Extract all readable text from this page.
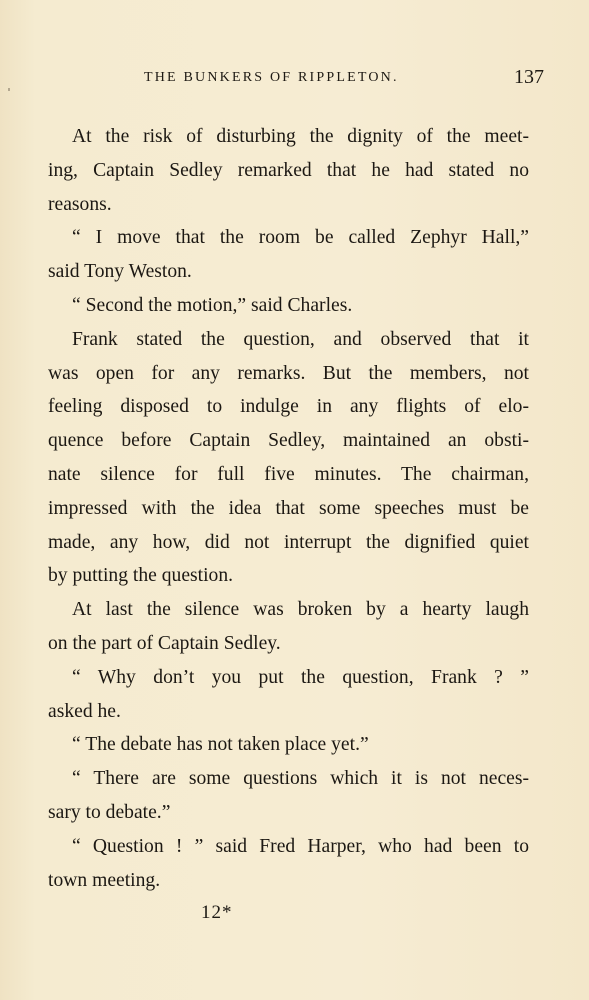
THE BUNKERS OF RIPPLETON.	137
At the risk of disturbing the dignity of the meet-
ing, Captain Sedley remarked that he had stated no
reasons.
“ I move that the room be called Zephyr Hall,”
said Tony Weston.
“ Second the motion,” said Charles.
Frank stated the question, and observed that it
was open for any remarks. But the members, not
feeling disposed to indulge in any flights of elo-
quence before Captain Sedley, maintained an obsti-
nate silence for full five minutes. The chairman,
impressed with the idea that some speeches must be
made, any how, did not interrupt the dignified quiet
by putting the question.
At last the silence was broken by a hearty laugh
on the part of Captain Sedley.
“ Why don’t you put the question, Frank ? ”
asked he.
“ The debate has not taken place yet.”
“ There are some questions which it is not neces-
sary to debate.”
“ Question ! ” said Fred Harper, who had been to
town meeting.
12*
